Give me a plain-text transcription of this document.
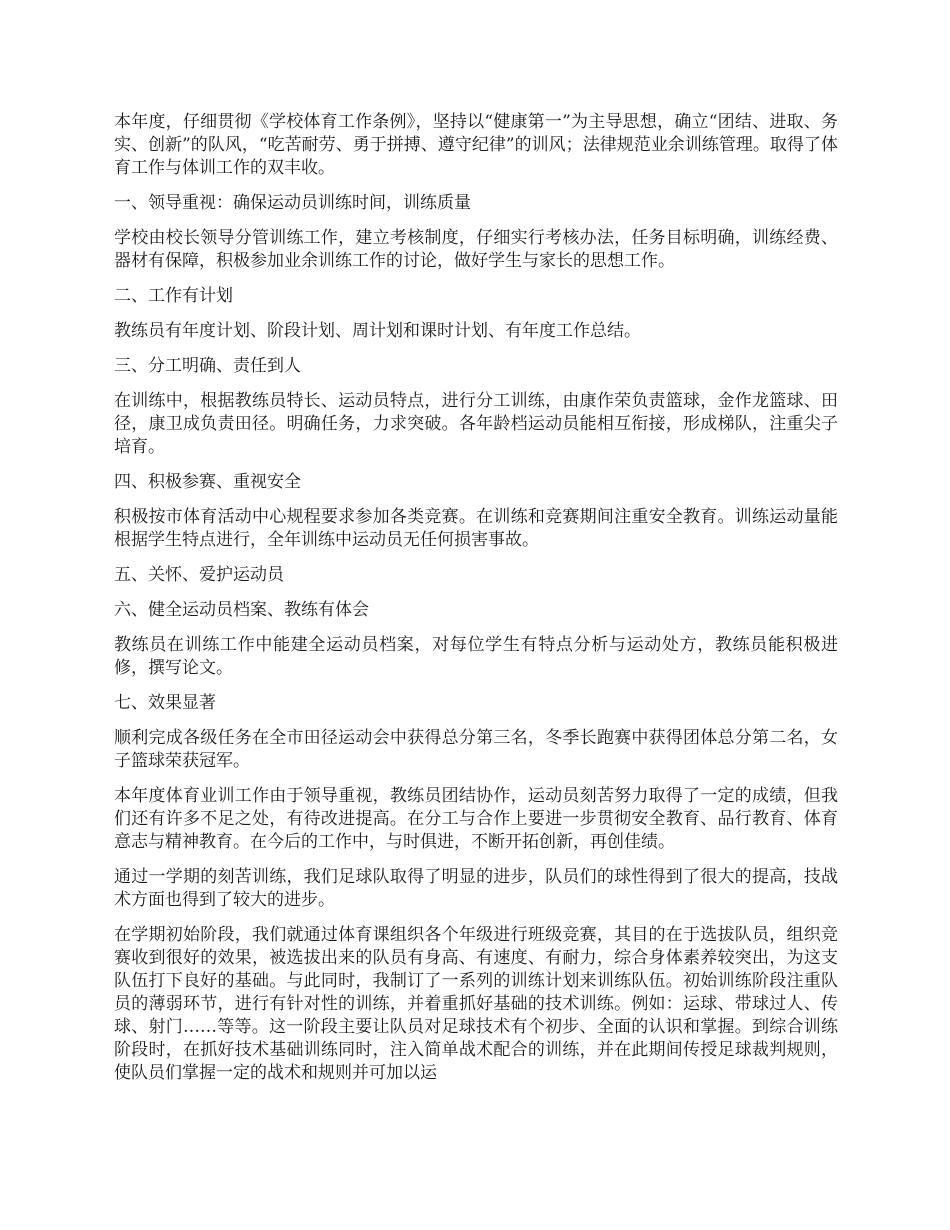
本年度，仔细贯彻《学校体育工作条例》，坚持以“健康第一”为主导思想，确立“团结、进取、务实、创新”的队风，“吃苦耐劳、勇于拼搏、遵守纪律”的训风；法律规范业余训练管理。取得了体育工作与体训工作的双丰收。

一、领导重视：确保运动员训练时间，训练质量

学校由校长领导分管训练工作，建立考核制度，仔细实行考核办法，任务目标明确，训练经费、器材有保障，积极参加业余训练工作的讨论，做好学生与家长的思想工作。

二、工作有计划

教练员有年度计划、阶段计划、周计划和课时计划、有年度工作总结。

三、分工明确、责任到人

在训练中，根据教练员特长、运动员特点，进行分工训练，由康作荣负责篮球，金作龙篮球、田径，康卫成负责田径。明确任务，力求突破。各年龄档运动员能相互衔接，形成梯队，注重尖子培育。

四、积极参赛、重视安全

积极按市体育活动中心规程要求参加各类竞赛。在训练和竞赛期间注重安全教育。训练运动量能根据学生特点进行，全年训练中运动员无任何损害事故。

五、关怀、爱护运动员

六、健全运动员档案、教练有体会

教练员在训练工作中能建全运动员档案，对每位学生有特点分析与运动处方，教练员能积极进修，撰写论文。

七、效果显著

顺利完成各级任务在全市田径运动会中获得总分第三名，冬季长跑赛中获得团体总分第二名，女子篮球荣获冠军。

本年度体育业训工作由于领导重视，教练员团结协作，运动员刻苦努力取得了一定的成绩，但我们还有许多不足之处，有待改进提高。在分工与合作上要进一步贯彻安全教育、品行教育、体育意志与精神教育。在今后的工作中，与时俱进，不断开拓创新，再创佳绩。

通过一学期的刻苦训练，我们足球队取得了明显的进步，队员们的球性得到了很大的提高，技战术方面也得到了较大的进步。

在学期初始阶段，我们就通过体育课组织各个年级进行班级竞赛，其目的在于选拔队员，组织竞赛收到很好的效果，被选拔出来的队员有身高、有速度、有耐力，综合身体素养较突出，为这支队伍打下良好的基础。与此同时，我制订了一系列的训练计划来训练队伍。初始训练阶段注重队员的薄弱环节，进行有针对性的训练，并着重抓好基础的技术训练。例如：运球、带球过人、传球、射门……等等。这一阶段主要让队员对足球技术有个初步、全面的认识和掌握。到综合训练阶段时，在抓好技术基础训练同时，注入简单战术配合的训练，并在此期间传授足球裁判规则，使队员们掌握一定的战术和规则并可加以运
